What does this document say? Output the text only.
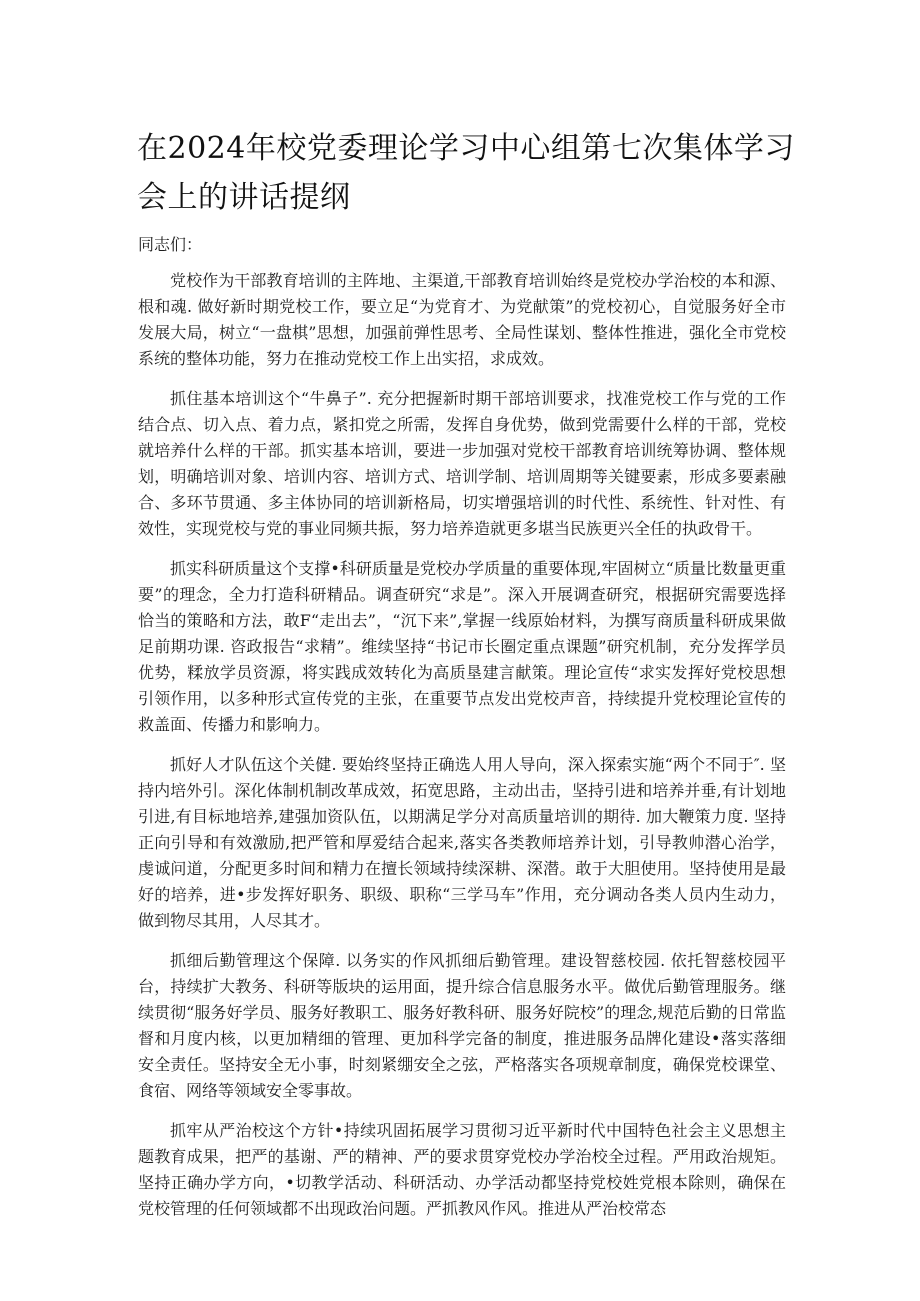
在2024年校党委理论学习中心组第七次集体学习会上的讲话提纲

同志们：

党校作为干部教育培训的主阵地、主渠道,干部教育培训始终是党校办学治校的本和源、根和魂. 做好新时期党校工作，要立足“为党育才、为党献策”的党校初心，自觉服务好全市发展大局，树立“一盘棋”思想，加强前弹性思考、全局性谋划、整体性推进，强化全市党校系统的整体功能，努力在推动党校工作上出实招，求成效。

抓住基本培训这个“牛鼻子”. 充分把握新时期干部培训要求，找准党校工作与党的工作结合点、切入点、着力点，紧扣党之所需，发挥自身优势，做到党需要什么样的干部，党校就培养什么样的干部。抓实基本培训，要进一步加强对党校干部教育培训统筹协调、整体规划，明确培训对象、培训内容、培训方式、培训学制、培训周期等关键要素，形成多要素融合、多环节贯通、多主体协同的培训新格局，切实增强培训的时代性、系统性、针对性、有效性，实现党校与党的事业同频共振，努力培养造就更多堪当民族更兴全任的执政骨干。

抓实科研质量这个支撑•科研质量是党校办学质量的重要体现,牢固树立“质量比数量更重要”的理念，全力打造科研精品。调查研究“求是”。深入开展调查研究，根据研究需要选择恰当的策略和方法，敢F“走出去”，“沉下来”,掌握一线原始材料，为撰写商质量科研成果做足前期功课. 咨政报告“求精”。维续坚持“书记市长圈定重点课题”研究机制，充分发挥学员优势，糅放学员资源，将实践成效转化为高质垦建言献策。理论宣传“求实发挥好党校思想引领作用，以多种形式宣传党的主张，在重要节点发出党校声音，持续提升党校理论宣传的救盖面、传播力和影响力。

抓好人才队伍这个关健. 要始终坚持正确选人用人导向，深入探索实施“两个不同于″. 坚持内培外引。深化体制机制改革成效，拓宽思路，主动出击，坚持引进和培养并垂,有计划地引进,有目标地培养,建强加资队伍，以期满足学分对高质量培训的期待. 加大鞭策力度. 坚持正向引导和有效激励,把严管和厚爱结合起来,落实各类教师培养计划，引导教帅潜心治学，虔诚问道，分配更多时间和精力在擅长领域持续深耕、深潜。敢于大胆使用。坚持使用是最好的培养，进•步发挥好职务、职级、职称“三学马车”作用，充分调动各类人员内生动力，做到物尽其用，人尽其才。

抓细后勤管理这个保障. 以务实的作风抓细后勤管理。建设智慈校园. 依托智慈校园平台，持续扩大教务、科研等版块的运用面，提升综合信息服务水平。做优后勤管理服务。继续贯彻“服务好学员、服务好教职工、服务好教科研、服务好院校”的理念,规范后勤的日常监督和月度内核，以更加精细的管理、更加科学完备的制度，推进服务品牌化建设•落实落细安全责任。坚持安全无小事，时刻紧绷安全之弦，严格落实各项规章制度，确保党校课堂、食宿、网络等领域安全零事故。

抓牢从严治校这个方针•持续巩固拓展学习贯彻习近平新时代中国特色社会主义思想主题教育成果，把严的基谢、严的精神、严的要求贯穿党校办学治校全过程。严用政治规矩。坚持正确办学方向，•切教学活动、科研活动、办学活动都坚持党校姓党根本除则，确保在党校管理的任何领域都不出现政治问题。严抓教风作风。推进从严治校常态
